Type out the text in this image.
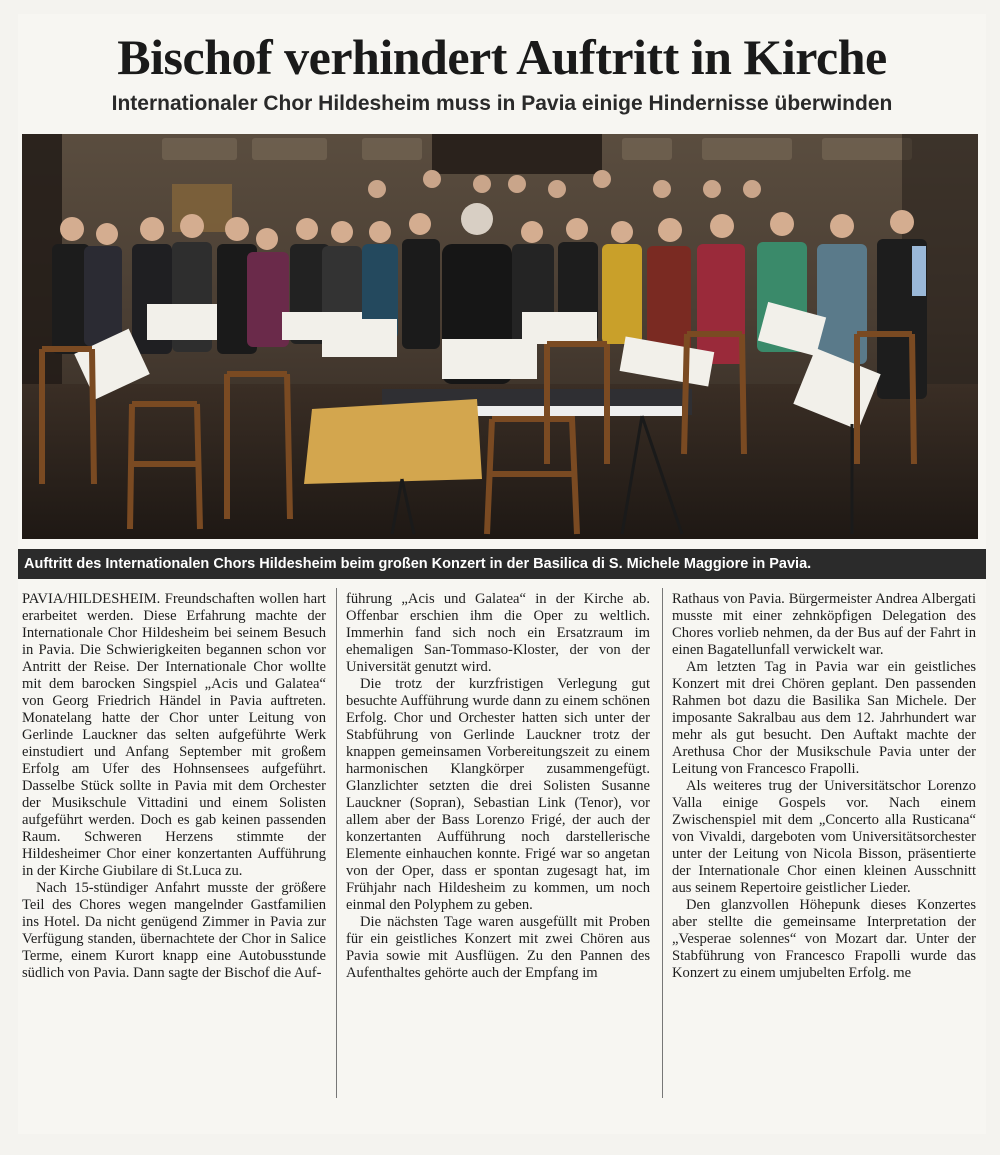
Bischof verhindert Auftritt in Kirche
Internationaler Chor Hildesheim muss in Pavia einige Hindernisse überwinden
Auftritt des Internationalen Chors Hildesheim beim großen Konzert in der Basilica di S. Michele Maggiore in Pavia.

PAVIA/HILDESHEIM. Freundschaften wollen hart erarbeitet werden. Diese Erfahrung machte der Internationale Chor Hildesheim bei seinem Besuch in Pavia. Die Schwierigkeiten begannen schon vor Antritt der Reise. Der Internationale Chor wollte mit dem barocken Singspiel „Acis und Galatea“ von Georg Friedrich Händel in Pavia auftreten. Monatelang hatte der Chor unter Leitung von Gerlinde Lauckner das selten aufgeführte Werk einstudiert und Anfang September mit großem Erfolg am Ufer des Hohnsensees aufgeführt. Dasselbe Stück sollte in Pavia mit dem Orchester der Musikschule Vittadini und einem Solisten aufgeführt werden. Doch es gab keinen passenden Raum. Schweren Herzens stimmte der Hildesheimer Chor einer konzertanten Aufführung in der Kirche Giubilare di St.Luca zu.

Nach 15-stündiger Anfahrt musste der größere Teil des Chores wegen mangelnder Gastfamilien ins Hotel. Da nicht genügend Zimmer in Pavia zur Verfügung standen, übernachtete der Chor in Salice Terme, einem Kurort knapp eine Autobusstunde südlich von Pavia. Dann sagte der Bischof die Auf-

führung „Acis und Galatea“ in der Kirche ab. Offenbar erschien ihm die Oper zu weltlich. Immerhin fand sich noch ein Ersatzraum im ehemaligen San-Tommaso-Kloster, der von der Universität genutzt wird.

Die trotz der kurzfristigen Verlegung gut besuchte Aufführung wurde dann zu einem schönen Erfolg. Chor und Orchester hatten sich unter der Stabführung von Gerlinde Lauckner trotz der knappen gemeinsamen Vorbereitungszeit zu einem harmonischen Klangkörper zusammengefügt. Glanzlichter setzten die drei Solisten Susanne Lauckner (Sopran), Sebastian Link (Tenor), vor allem aber der Bass Lorenzo Frigé, der auch der konzertanten Aufführung noch darstellerische Elemente einhauchen konnte. Frigé war so angetan von der Oper, dass er spontan zugesagt hat, im Frühjahr nach Hildesheim zu kommen, um noch einmal den Polyphem zu geben.

Die nächsten Tage waren ausgefüllt mit Proben für ein geistliches Konzert mit zwei Chören aus Pavia sowie mit Ausflügen. Zu den Pannen des Aufenthaltes gehörte auch der Empfang im

Rathaus von Pavia. Bürgermeister Andrea Albergati musste mit einer zehnköpfigen Delegation des Chores vorlieb nehmen, da der Bus auf der Fahrt in einen Bagatellunfall verwickelt war.

Am letzten Tag in Pavia war ein geistliches Konzert mit drei Chören geplant. Den passenden Rahmen bot dazu die Basilika San Michele. Der imposante Sakralbau aus dem 12. Jahrhundert war mehr als gut besucht. Den Auftakt machte der Arethusa Chor der Musikschule Pavia unter der Leitung von Francesco Frapolli.

Als weiteres trug der Universitätschor Lorenzo Valla einige Gospels vor. Nach einem Zwischenspiel mit dem „Concerto alla Rusticana“ von Vivaldi, dargeboten vom Universitätsorchester unter der Leitung von Nicola Bisson, präsentierte der Internationale Chor einen kleinen Ausschnitt aus seinem Repertoire geistlicher Lieder.

Den glanzvollen Höhepunk dieses Konzertes aber stellte die gemeinsame Interpretation der „Vesperae solennes“ von Mozart dar. Unter der Stabführung von Francesco Frapolli wurde das Konzert zu einem umjubelten Erfolg. me
